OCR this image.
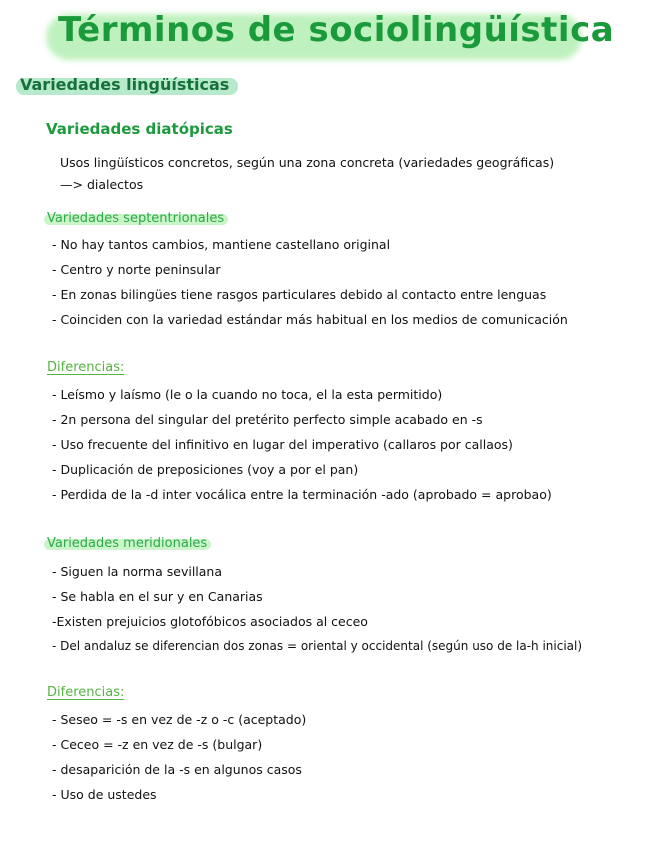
Términos de sociolingüística
Variedades lingüísticas
Variedades diatópicas
Usos lingüísticos concretos, según una zona concreta (variedades geográficas)
—> dialectos
Variedades septentrionales
- No hay tantos cambios, mantiene castellano original
- Centro y norte peninsular
- En zonas bilingües tiene rasgos particulares debido al contacto entre lenguas
- Coinciden con la variedad estándar más habitual en los medios de comunicación
Diferencias:
- Leísmo y laísmo (le o la cuando no toca, el la esta permitido)
- 2n persona del singular del pretérito perfecto simple acabado en -s
- Uso frecuente del infinitivo en lugar del imperativo (callaros por callaos)
- Duplicación de preposiciones (voy a por el pan)
- Perdida de la -d inter vocálica entre la terminación -ado (aprobado = aprobao)
Variedades meridionales
- Siguen la norma sevillana
- Se habla en el sur y en Canarias
-Existen prejuicios glotofóbicos asociados al ceceo
- Del andaluz se diferencian dos zonas = oriental y occidental (según uso de la-h inicial)
Diferencias:
- Seseo = -s en vez de -z o -c (aceptado)
- Ceceo = -z en vez de -s (bulgar)
- desaparición de la -s en algunos casos
- Uso de ustedes
